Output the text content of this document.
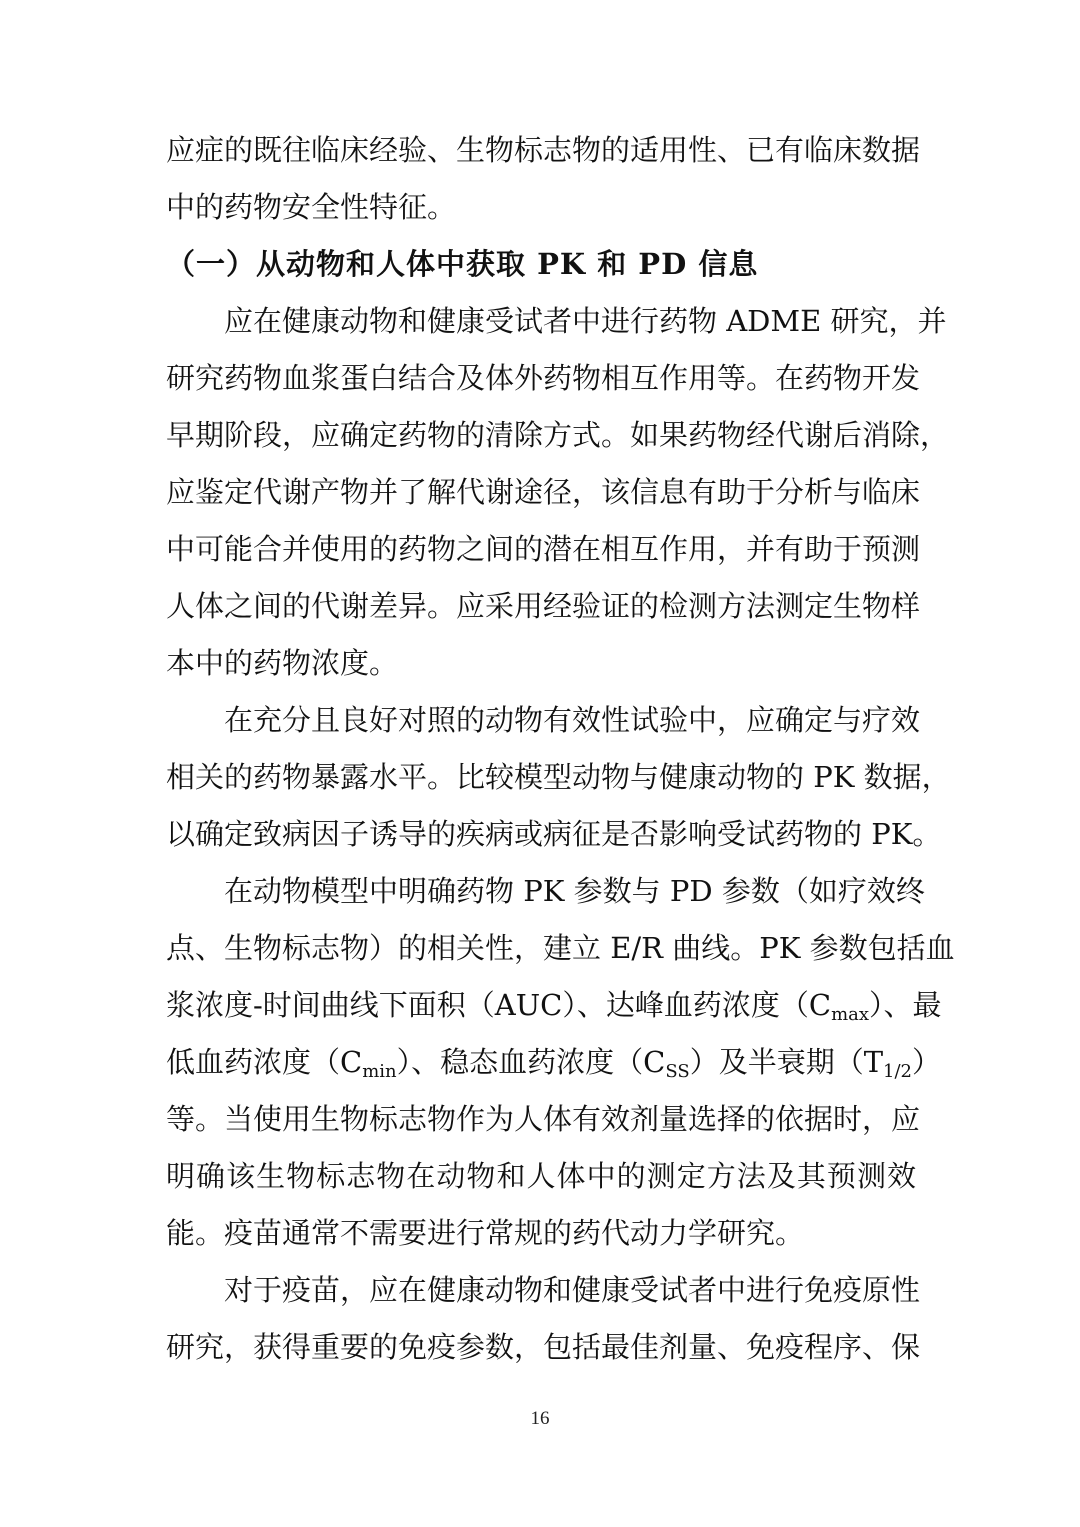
应症的既往临床经验、生物标志物的适用性、已有临床数据
中的药物安全性特征。
（一）从动物和人体中获取 PK 和 PD 信息
应在健康动物和健康受试者中进行药物 ADME 研究，并
研究药物血浆蛋白结合及体外药物相互作用等。在药物开发
早期阶段，应确定药物的清除方式。如果药物经代谢后消除，
应鉴定代谢产物并了解代谢途径，该信息有助于分析与临床
中可能合并使用的药物之间的潜在相互作用，并有助于预测
人体之间的代谢差异。应采用经验证的检测方法测定生物样
本中的药物浓度。
在充分且良好对照的动物有效性试验中，应确定与疗效
相关的药物暴露水平。比较模型动物与健康动物的 PK 数据，
以确定致病因子诱导的疾病或病征是否影响受试药物的 PK。
在动物模型中明确药物 PK 参数与 PD 参数（如疗效终
点、生物标志物）的相关性，建立 E/R 曲线。PK 参数包括血
浆浓度-时间曲线下面积（AUC）、达峰血药浓度$(C_{max})$、最
低血药浓度$(C_{min})$、稳态血药浓度$(C_{SS})$及半衰期$(T_{1/2})$
等。当使用生物标志物作为人体有效剂量选择的依据时，应
明确该生物标志物在动物和人体中的测定方法及其预测效
能。疫苗通常不需要进行常规的药代动力学研究。
对于疫苗，应在健康动物和健康受试者中进行免疫原性
研究，获得重要的免疫参数，包括最佳剂量、免疫程序、保
16
